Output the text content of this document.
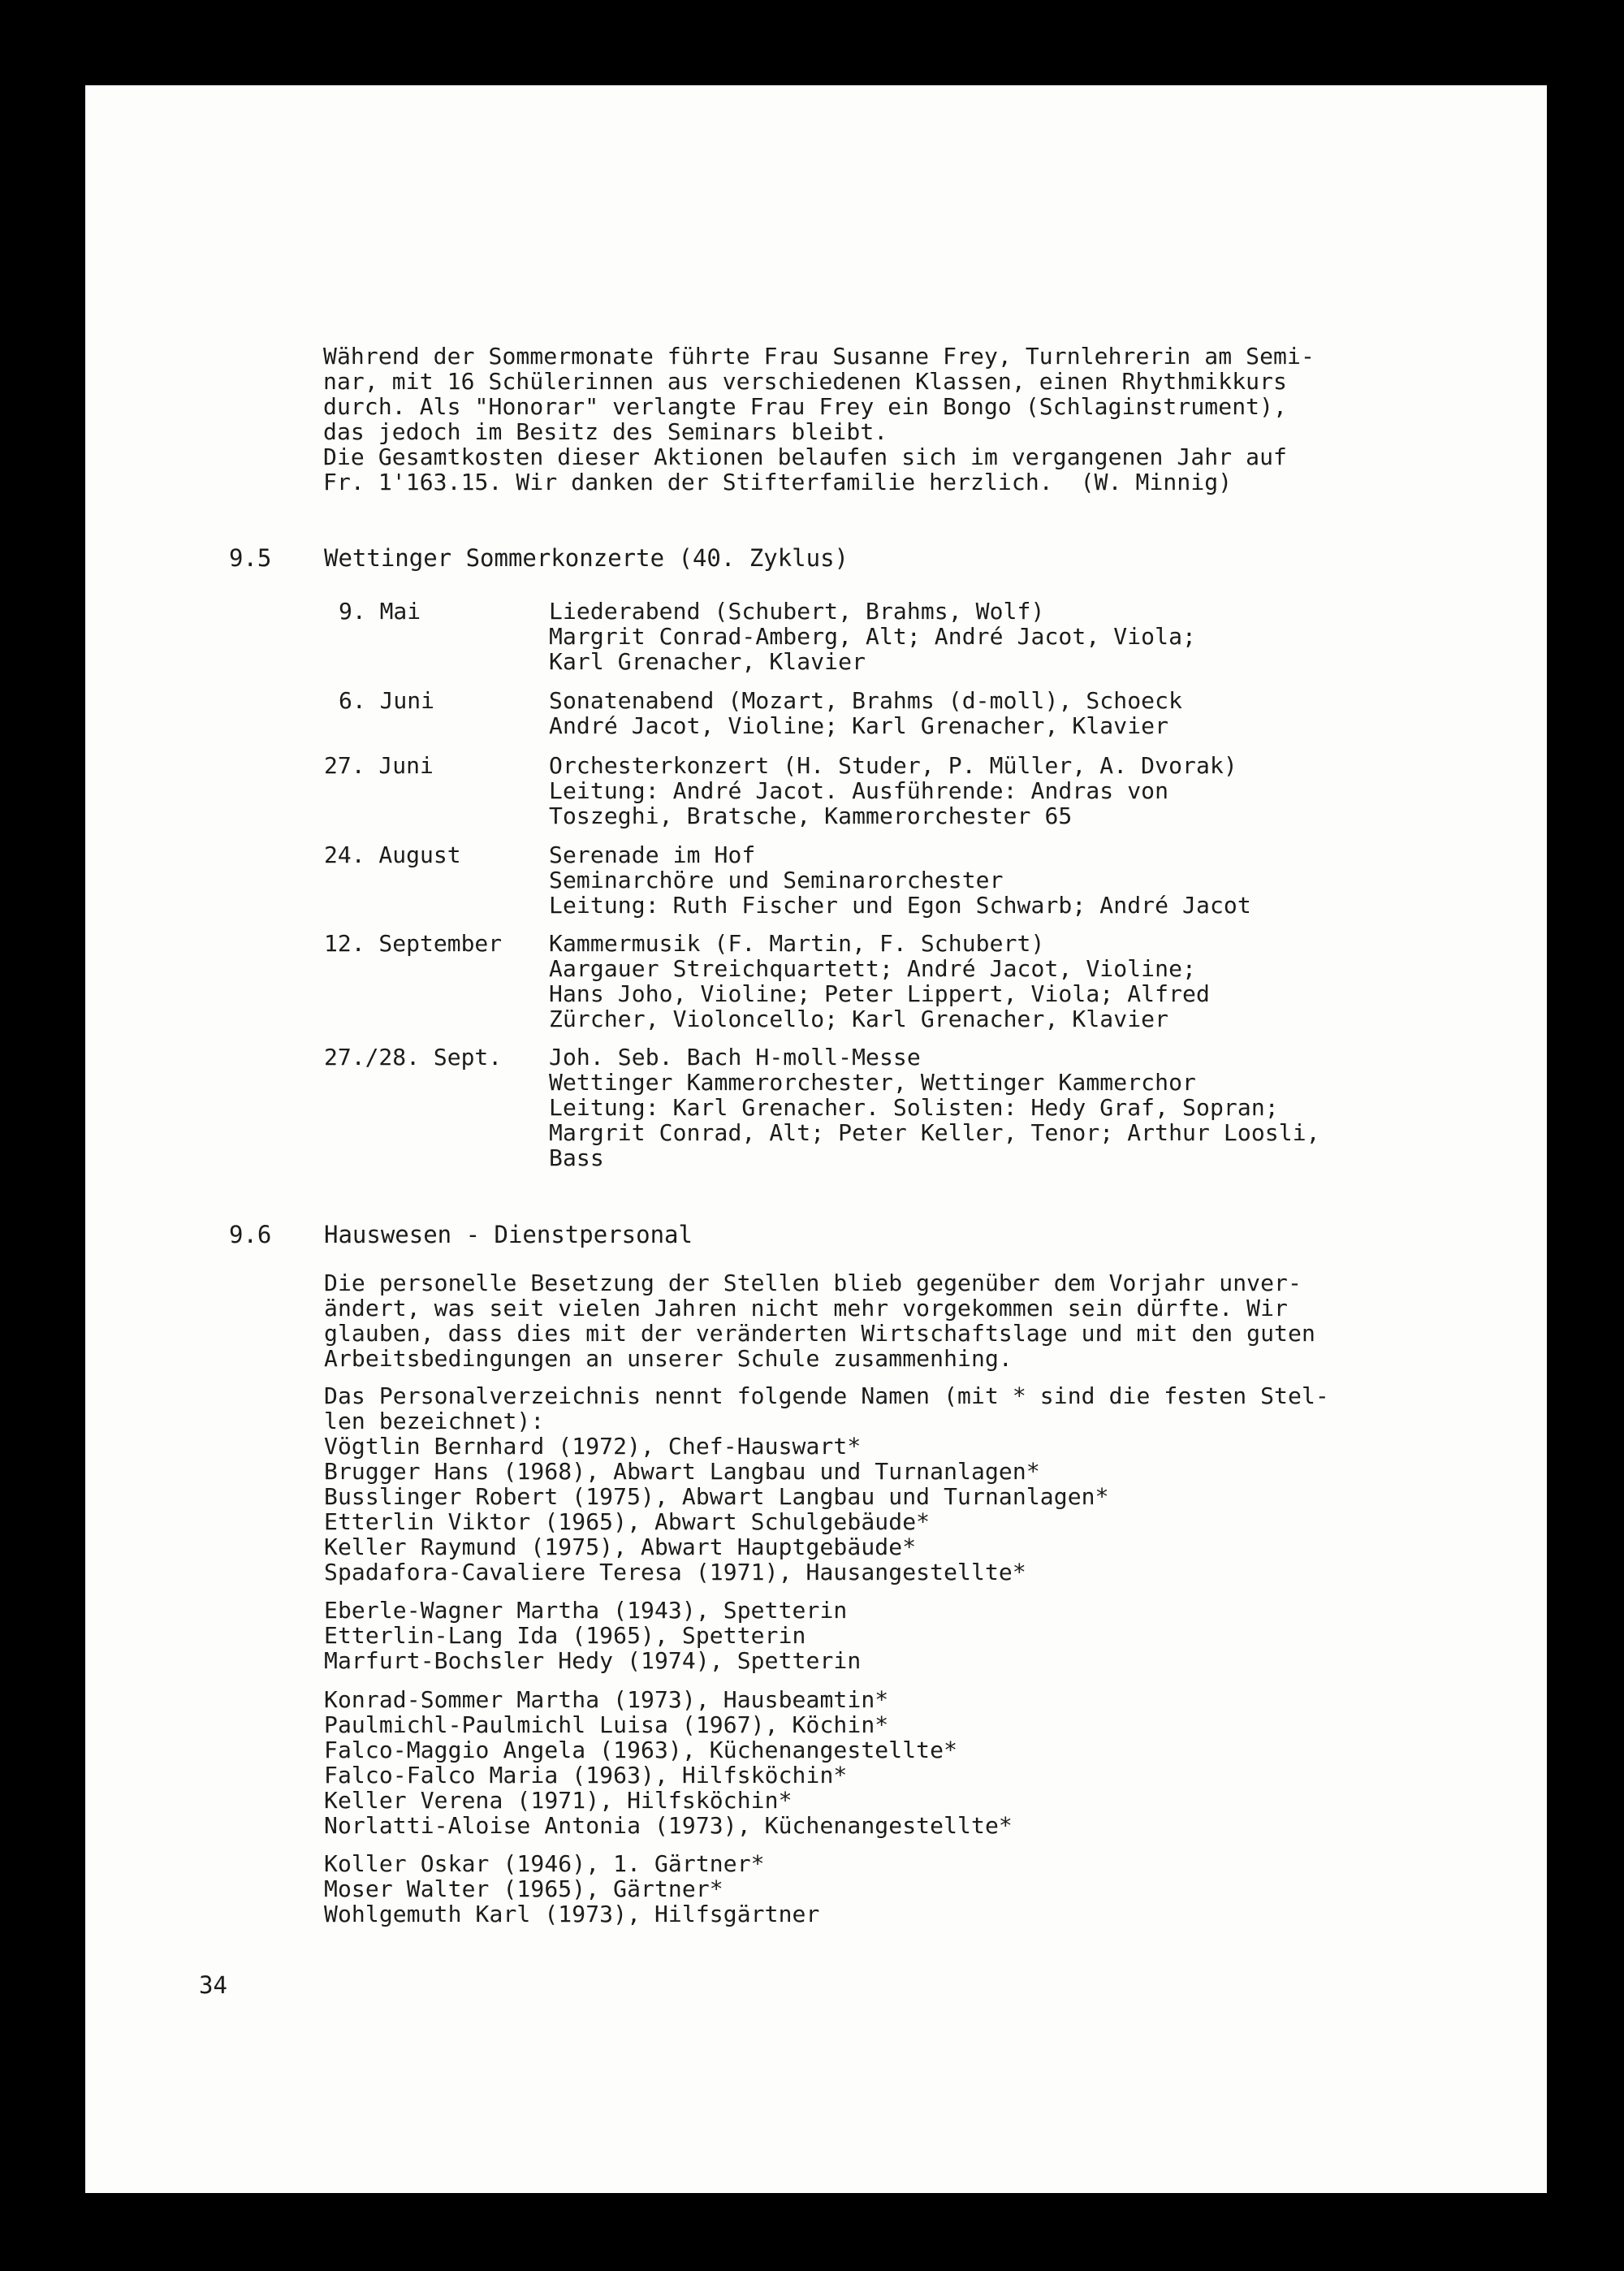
Während der Sommermonate führte Frau Susanne Frey, Turnlehrerin am Semi-
nar, mit 16 Schülerinnen aus verschiedenen Klassen, einen Rhythmikkurs
durch. Als "Honorar" verlangte Frau Frey ein Bongo (Schlaginstrument),
das jedoch im Besitz des Seminars bleibt.
Die Gesamtkosten dieser Aktionen belaufen sich im vergangenen Jahr auf
Fr. 1'163.15. Wir danken der Stifterfamilie herzlich.  (W. Minnig)
9.5 Wettinger Sommerkonzerte (40. Zyklus)
9. Mai	Liederabend (Schubert, Brahms, Wolf)
Margrit Conrad-Amberg, Alt; André Jacot, Viola;
Karl Grenacher, Klavier
6. Juni	Sonatenabend (Mozart, Brahms (d-moll), Schoeck
André Jacot, Violine; Karl Grenacher, Klavier
27. Juni	Orchesterkonzert (H. Studer, P. Müller, A. Dvorak)
Leitung: André Jacot. Ausführende: Andras von
Toszeghi, Bratsche, Kammerorchester 65
24. August	Serenade im Hof
Seminarchöre und Seminarorchester
Leitung: Ruth Fischer und Egon Schwarb; André Jacot
12. September Kammermusik (F. Martin, F. Schubert)
Aargauer Streichquartett; André Jacot, Violine;
Hans Joho, Violine; Peter Lippert, Viola; Alfred
Zürcher, Violoncello; Karl Grenacher, Klavier
27./28. Sept. Joh. Seb. Bach H-moll-Messe
Wettinger Kammerorchester, Wettinger Kammerchor
Leitung: Karl Grenacher. Solisten: Hedy Graf, Sopran;
Margrit Conrad, Alt; Peter Keller, Tenor; Arthur Loosli,
Bass
9.6 Hauswesen - Dienstpersonal
Die personelle Besetzung der Stellen blieb gegenüber dem Vorjahr unver-
ändert, was seit vielen Jahren nicht mehr vorgekommen sein dürfte. Wir
glauben, dass dies mit der veränderten Wirtschaftslage und mit den guten
Arbeitsbedingungen an unserer Schule zusammenhing.
Das Personalverzeichnis nennt folgende Namen (mit * sind die festen Stel-
len bezeichnet):
Vögtlin Bernhard (1972), Chef-Hauswart*
Brugger Hans (1968), Abwart Langbau und Turnanlagen*
Busslinger Robert (1975), Abwart Langbau und Turnanlagen*
Etterlin Viktor (1965), Abwart Schulgebäude*
Keller Raymund (1975), Abwart Hauptgebäude*
Spadafora-Cavaliere Teresa (1971), Hausangestellte*
Eberle-Wagner Martha (1943), Spetterin
Etterlin-Lang Ida (1965), Spetterin
Marfurt-Bochsler Hedy (1974), Spetterin
Konrad-Sommer Martha (1973), Hausbeamtin*
Paulmichl-Paulmichl Luisa (1967), Köchin*
Falco-Maggio Angela (1963), Küchenangestellte*
Falco-Falco Maria (1963), Hilfsköchin*
Keller Verena (1971), Hilfsköchin*
Norlatti-Aloise Antonia (1973), Küchenangestellte*
Koller Oskar (1946), 1. Gärtner*
Moser Walter (1965), Gärtner*
Wohlgemuth Karl (1973), Hilfsgärtner
34
